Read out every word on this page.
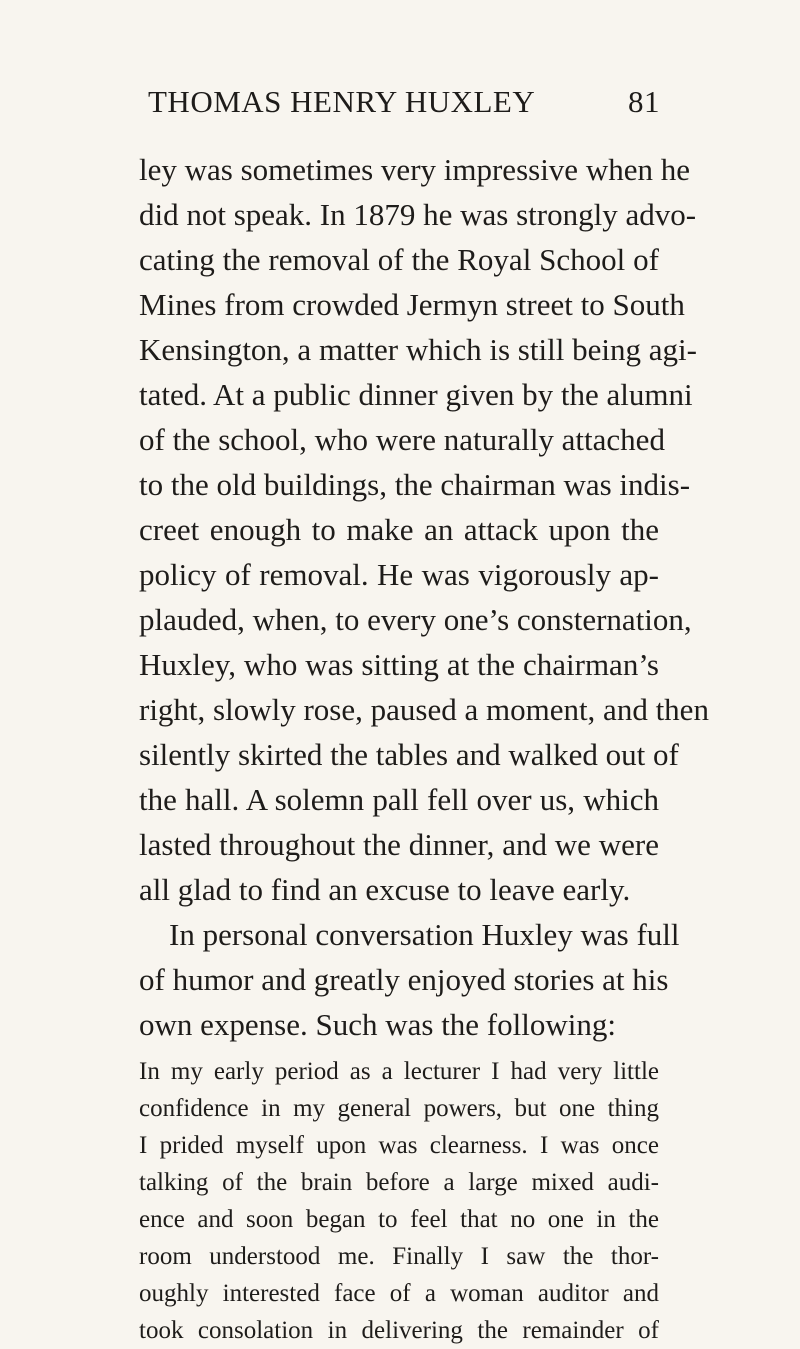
THOMAS HENRY HUXLEY	81
ley was sometimes very impressive when he
did not speak. In 1879 he was strongly advo-
cating the removal of the Royal School of
Mines from crowded Jermyn street to South
Kensington, a matter which is still being agi-
tated. At a public dinner given by the alumni
of the school, who were naturally attached
to the old buildings, the chairman was indis-
creet enough to make an attack upon the
policy of removal. He was vigorously ap-
plauded, when, to every one’s consternation,
Huxley, who was sitting at the chairman’s
right, slowly rose, paused a moment, and then
silently skirted the tables and walked out of
the hall. A solemn pall fell over us, which
lasted throughout the dinner, and we were
all glad to find an excuse to leave early.
In personal conversation Huxley was full
of humor and greatly enjoyed stories at his
own expense. Such was the following:
In my early period as a lecturer I had very little
confidence in my general powers, but one thing
I prided myself upon was clearness. I was once
talking of the brain before a large mixed audi-
ence and soon began to feel that no one in the
room understood me. Finally I saw the thor-
oughly interested face of a woman auditor and
took consolation in delivering the remainder of
